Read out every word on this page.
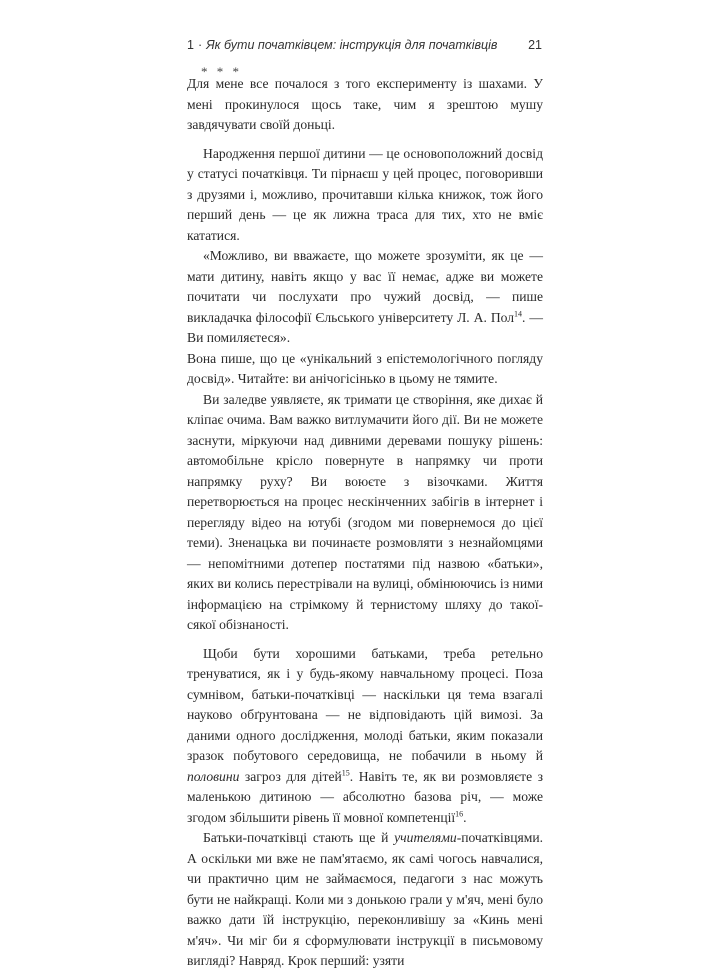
1 · Як бути початківцем: інструкція для початківців 21
* * *

Для мене все почалося з того експерименту із шахами. У мені прокинулося щось таке, чим я зрештою мушу завдячувати своїй доньці.

Народження першої дитини — це основоположний досвід у статусі початківця. Ти пірнаєш у цей процес, поговоривши з друзями і, можливо, прочитавши кілька книжок, тож його перший день — це як лижна траса для тих, хто не вміє кататися.

«Можливо, ви вважаєте, що можете зрозуміти, як це — мати дитину, навіть якщо у вас її немає, адже ви можете почитати чи послухати про чужий досвід, — пише викладачка філософії Єльського університету Л. А. Пол$^{14}$. — Ви помиляєтеся».

Вона пише, що це «унікальний з епістемологічного погляду досвід». Читайте: ви анічогісінько в цьому не тямите.

Ви заледве уявляєте, як тримати це створіння, яке дихає й кліпає очима. Вам важко витлумачити його дії. Ви не можете заснути, міркуючи над дивними деревами пошуку рішень: автомобільне крісло повернуте в напрямку чи проти напрямку руху? Ви воюєте з візочками. Життя перетворюється на процес нескінченних забігів в інтернет і перегляду відео на ютубі (згодом ми повернемося до цієї теми). Зненацька ви починаєте розмовляти з незнайомцями — непомітними дотепер постатями під назвою «батьки», яких ви колись перестрівали на вулиці, обмінюючись із ними інформацією на стрімкому й тернистому шляху до такої-сякої обізнаності.

Щоби бути хорошими батьками, треба ретельно тренуватися, як і у будь-якому навчальному процесі. Поза сумнівом, батьки-початківці — наскільки ця тема взагалі науково обґрунтована — не відповідають цій вимозі. За даними одного дослідження, молоді батьки, яким показали зразок побутового середовища, не побачили в ньому й половини загроз для дітей$^{15}$. Навіть те, як ви розмовляєте з маленькою дитиною — абсолютно базова річ, — може згодом збільшити рівень її мовної компетенції$^{16}$.

Батьки-початківці стають ще й учителями-початківцями. А оскільки ми вже не пам'ятаємо, як самі чогось навчалися, чи практично цим не займаємося, педагоги з нас можуть бути не найкращі. Коли ми з донькою грали у м'яч, мені було важко дати їй інструкцію, переконливішу за «Кинь мені м'яч». Чи міг би я сформулювати інструкції в письмовому вигляді? Навряд. Крок перший: узяти
